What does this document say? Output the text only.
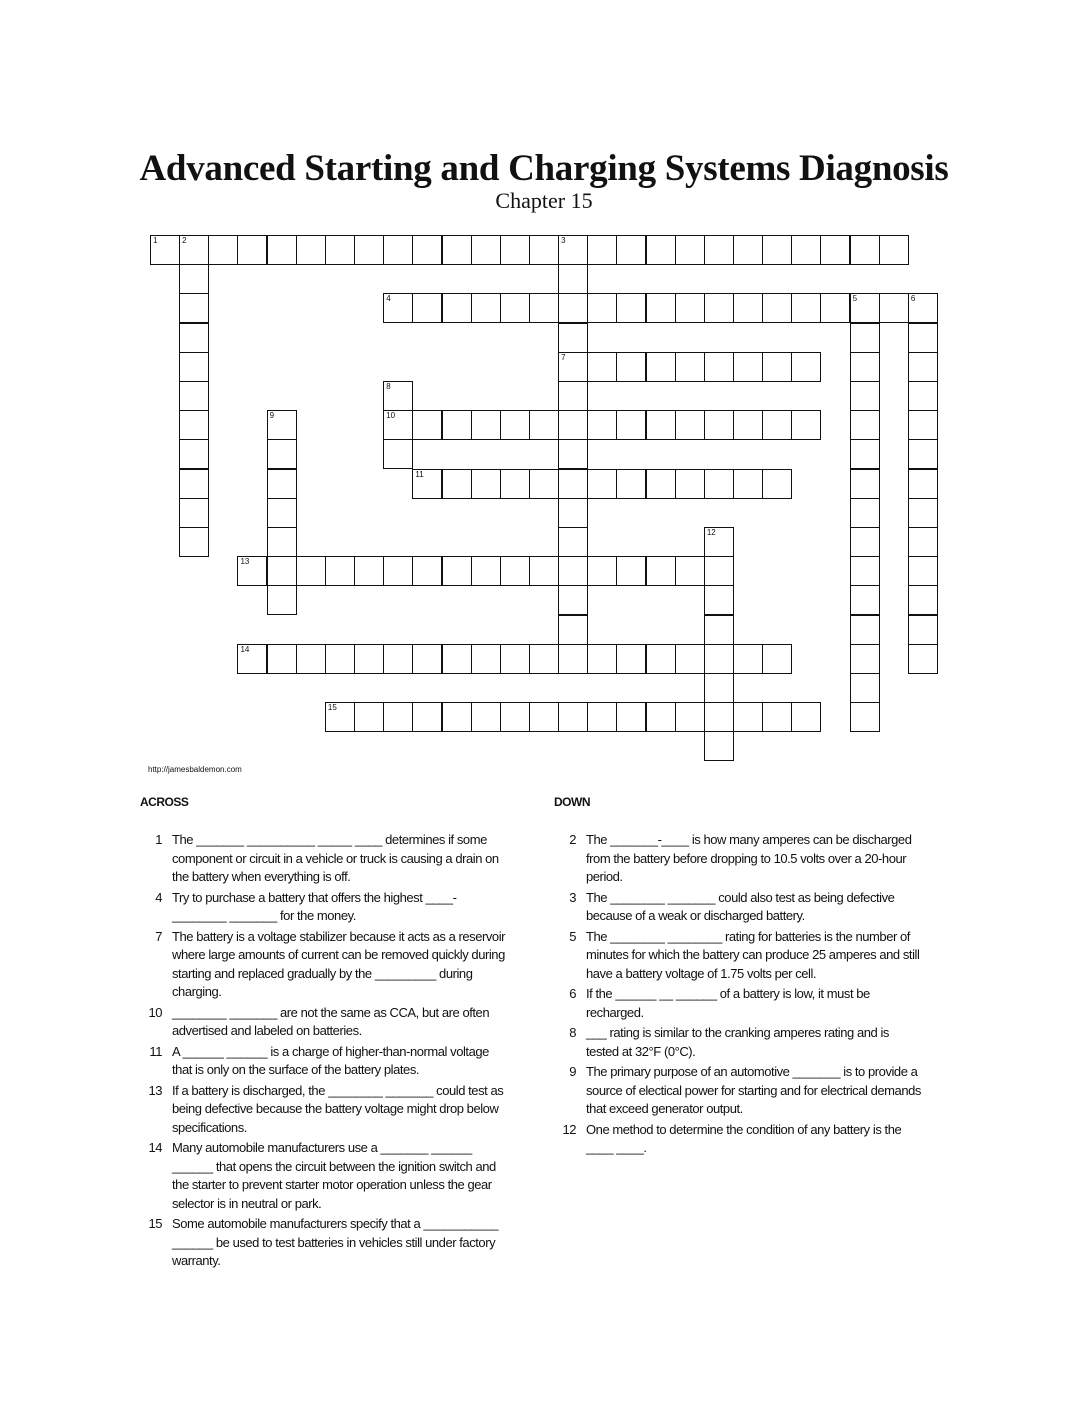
Advanced Starting and Charging Systems Diagnosis
Chapter 15
1	2	3
4	5	6
7
10
11
13
14
15
8
9
12
http://jamesbaldemon.com
ACROSS
1 The _______ __________ _____ ____ determines if some component or circuit in a vehicle or truck is causing a drain on the battery when everything is off.
4 Try to purchase a battery that offers the highest ____-________ _______ for the money.
7 The battery is a voltage stabilizer because it acts as a reservoir where large amounts of current can be removed quickly during starting and replaced gradually by the _________ during charging.
10 ________ _______ are not the same as CCA, but are often advertised and labeled on batteries.
11 A ______ ______ is a charge of higher-than-normal voltage that is only on the surface of the battery plates.
13 If a battery is discharged, the ________ _______ could test as being defective because the battery voltage might drop below specifications.
14 Many automobile manufacturers use a _______ ______ ______ that opens the circuit between the ignition switch and the starter to prevent starter motor operation unless the gear selector is in neutral or park.
15 Some automobile manufacturers specify that a ___________ ______ be used to test batteries in vehicles still under factory warranty.
DOWN
2 The _______-____ is how many amperes can be discharged from the battery before dropping to 10.5 volts over a 20-hour period.
3 The ________ _______ could also test as being defective because of a weak or discharged battery.
5 The ________ ________ rating for batteries is the number of minutes for which the battery can produce 25 amperes and still have a battery voltage of 1.75 volts per cell.
6 If the ______ __ ______ of a battery is low, it must be recharged.
8 ___ rating is similar to the cranking amperes rating and is tested at 32°F (0°C).
9 The primary purpose of an automotive _______ is to provide a source of electical power for starting and for electrical demands that exceed generator output.
12 One method to determine the condition of any battery is the ____ ____.
